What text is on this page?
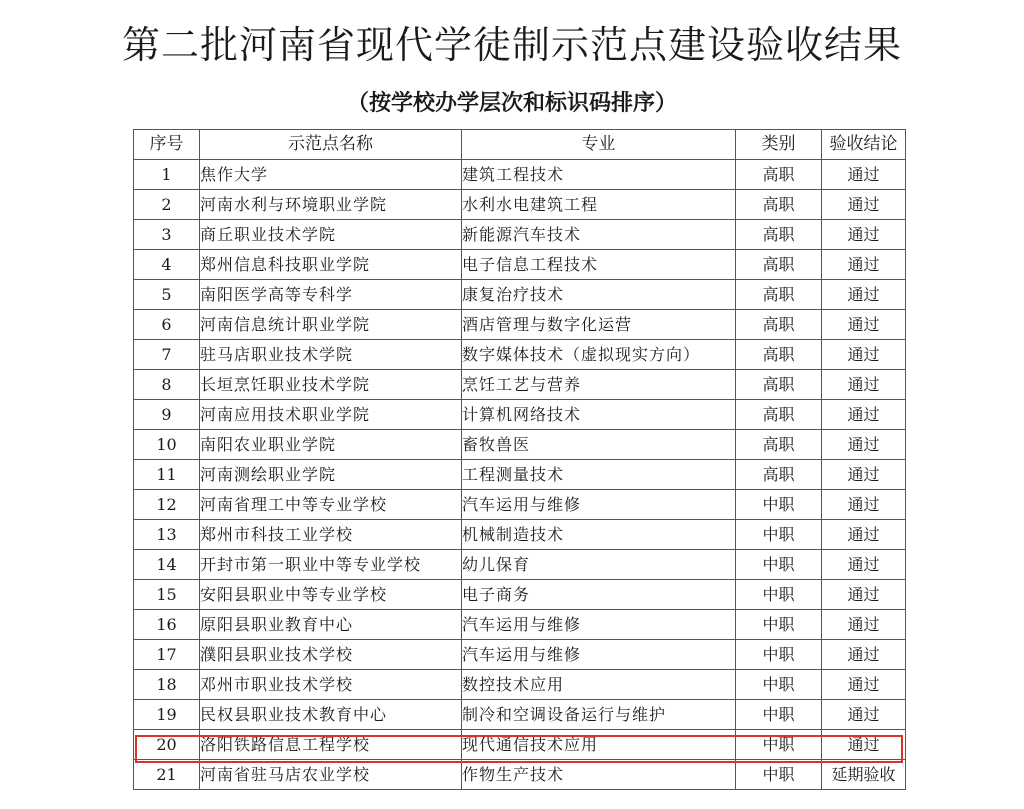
第二批河南省现代学徒制示范点建设验收结果
（按学校办学层次和标识码排序）
序号	示范点名称	专业	类别	验收结论
1	焦作大学	建筑工程技术	高职	通过
2	河南水利与环境职业学院	水利水电建筑工程	高职	通过
3	商丘职业技术学院	新能源汽车技术	高职	通过
4	郑州信息科技职业学院	电子信息工程技术	高职	通过
5	南阳医学高等专科学	康复治疗技术	高职	通过
6	河南信息统计职业学院	酒店管理与数字化运营	高职	通过
7	驻马店职业技术学院	数字媒体技术（虚拟现实方向）	高职	通过
8	长垣烹饪职业技术学院	烹饪工艺与营养	高职	通过
9	河南应用技术职业学院	计算机网络技术	高职	通过
10	南阳农业职业学院	畜牧兽医	高职	通过
11	河南测绘职业学院	工程测量技术	高职	通过
12	河南省理工中等专业学校	汽车运用与维修	中职	通过
13	郑州市科技工业学校	机械制造技术	中职	通过
14	开封市第一职业中等专业学校	幼儿保育	中职	通过
15	安阳县职业中等专业学校	电子商务	中职	通过
16	原阳县职业教育中心	汽车运用与维修	中职	通过
17	濮阳县职业技术学校	汽车运用与维修	中职	通过
18	邓州市职业技术学校	数控技术应用	中职	通过
19	民权县职业技术教育中心	制冷和空调设备运行与维护	中职	通过
20	洛阳铁路信息工程学校	现代通信技术应用	中职	通过
21	河南省驻马店农业学校	作物生产技术	中职	延期验收
